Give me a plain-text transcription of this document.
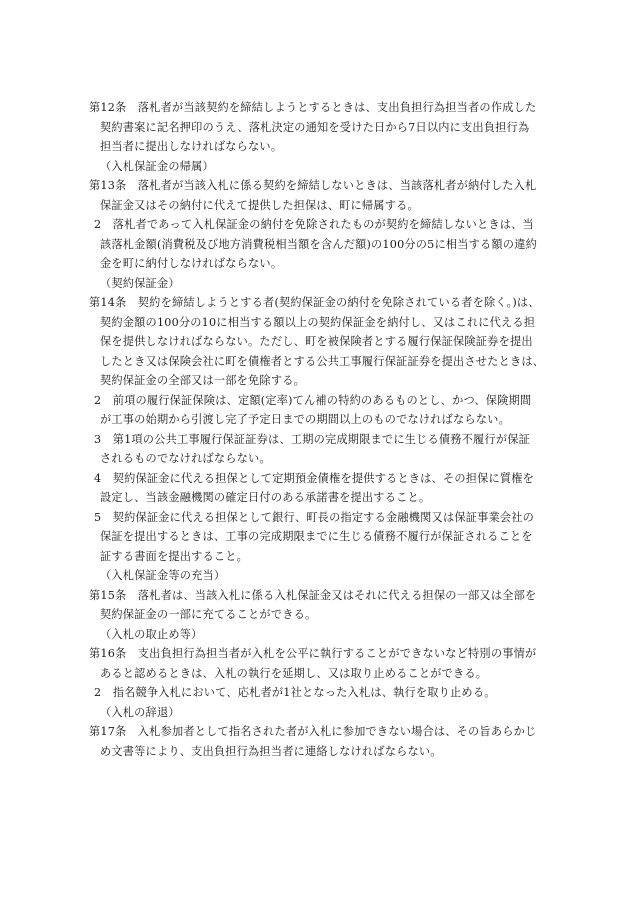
第12条　落札者が当該契約を締結しようとするときは、支出負担行為担当者の作成した
契約書案に記名押印のうえ、落札決定の通知を受けた日から7日以内に支出負担行為
担当者に提出しなければならない。
（入札保証金の帰属）
第13条　落札者が当該入札に係る契約を締結しないときは、当該落札者が納付した入札
保証金又はその納付に代えて提供した担保は、町に帰属する。
2　落札者であって入札保証金の納付を免除されたものが契約を締結しないときは、当
該落札金額(消費税及び地方消費税相当額を含んだ額)の100分の5に相当する額の違約
金を町に納付しなければならない。
（契約保証金）
第14条　契約を締結しようとする者(契約保証金の納付を免除されている者を除く。)は、
契約金額の100分の10に相当する額以上の契約保証金を納付し、又はこれに代える担
保を提供しなければならない。ただし、町を被保険者とする履行保証保険証券を提出
したとき又は保険会社に町を債権者とする公共工事履行保証証券を提出させたときは、
契約保証金の全部又は一部を免除する。
2　前項の履行保証保険は、定額(定率)てん補の特約のあるものとし、かつ、保険期間
が工事の始期から引渡し完了予定日までの期間以上のものでなければならない。
3　第1項の公共工事履行保証証券は、工期の完成期限までに生じる債務不履行が保証
されるものでなければならない。
4　契約保証金に代える担保として定期預金債権を提供するときは、その担保に質権を
設定し、当該金融機関の確定日付のある承諾書を提出すること。
5　契約保証金に代える担保として銀行、町長の指定する金融機関又は保証事業会社の
保証を提出するときは、工事の完成期限までに生じる債務不履行が保証されることを
証する書面を提出すること。
（入札保証金等の充当）
第15条　落札者は、当該入札に係る入札保証金又はそれに代える担保の一部又は全部を
契約保証金の一部に充てることができる。
（入札の取止め等）
第16条　支出負担行為担当者が入札を公平に執行することができないなど特別の事情が
あると認めるときは、入札の執行を延期し、又は取り止めることができる。
2　指名競争入札において、応札者が1社となった入札は、執行を取り止める。
（入札の辞退）
第17条　入札参加者として指名された者が入札に参加できない場合は、その旨あらかじ
め文書等により、支出負担行為担当者に連絡しなければならない。
